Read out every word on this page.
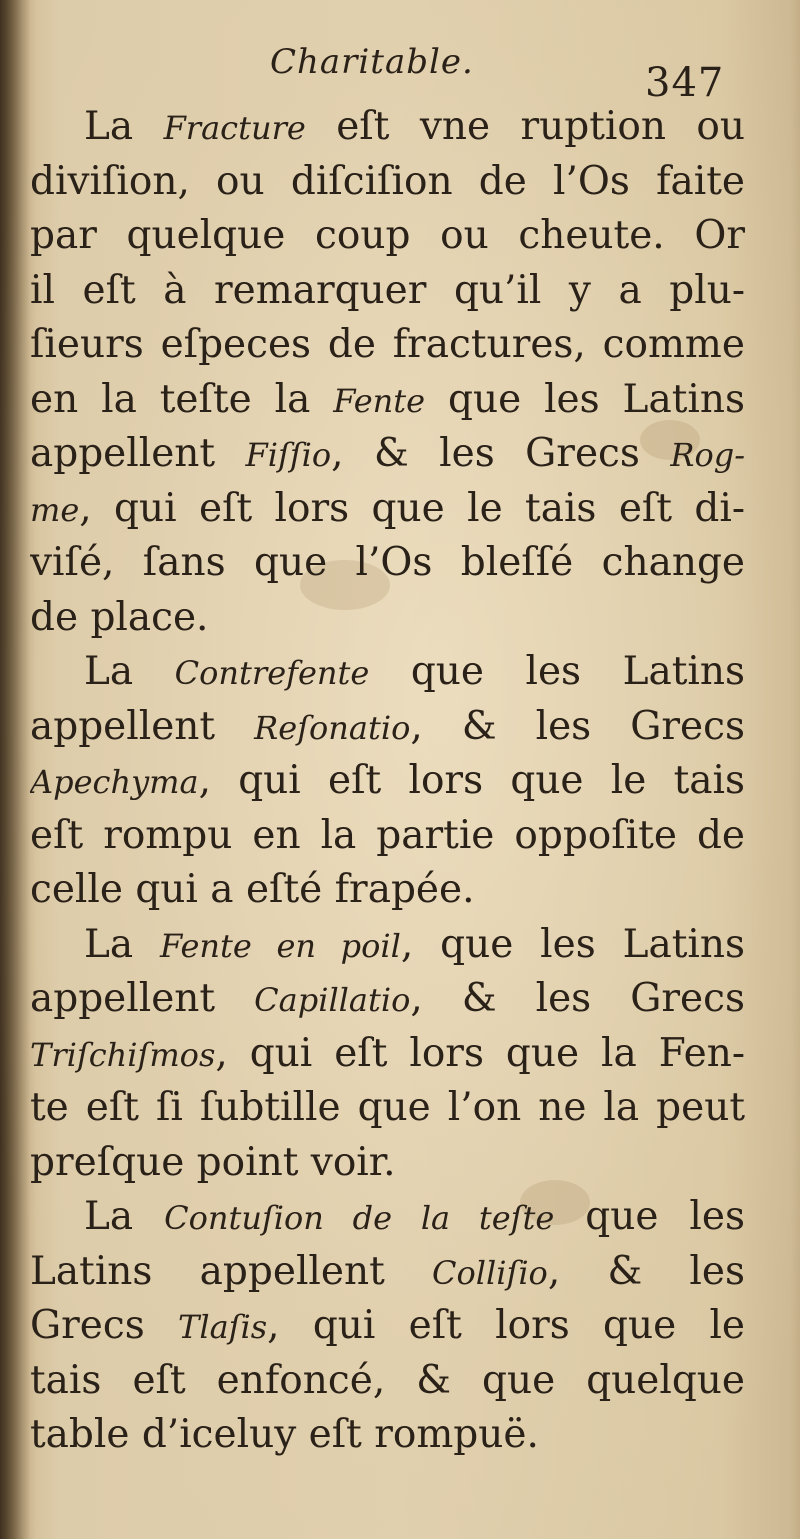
Charitable.	347
La Fracture eſt vne ruption ou
diviſion, ou diſciſion de l’Os faite
par quelque coup ou cheute. Or
il eſt à remarquer qu’il y a plu-
ſieurs eſpeces de fractures, comme
en la teſte la Fente que les Latins
appellent Fiſſio, & les Grecs Rog-
me, qui eſt lors que le tais eſt di-
viſé, ſans que l’Os bleſſé change
de place.
La Contrefente que les Latins
appellent Reſonatio, & les Grecs
Apechyma, qui eſt lors que le tais
eſt rompu en la partie oppoſite de
celle qui a eſté frapée.
La Fente en poil, que les Latins
appellent Capillatio, & les Grecs
Triſchiſmos, qui eſt lors que la Fen-
te eſt ſi ſubtille que l’on ne la peut
preſque point voir.
La Contuſion de la teſte que les
Latins appellent Colliſio, & les
Grecs Tlaſis, qui eſt lors que le
tais eſt enfoncé, & que quelque
table d’iceluy eſt rompuë.
